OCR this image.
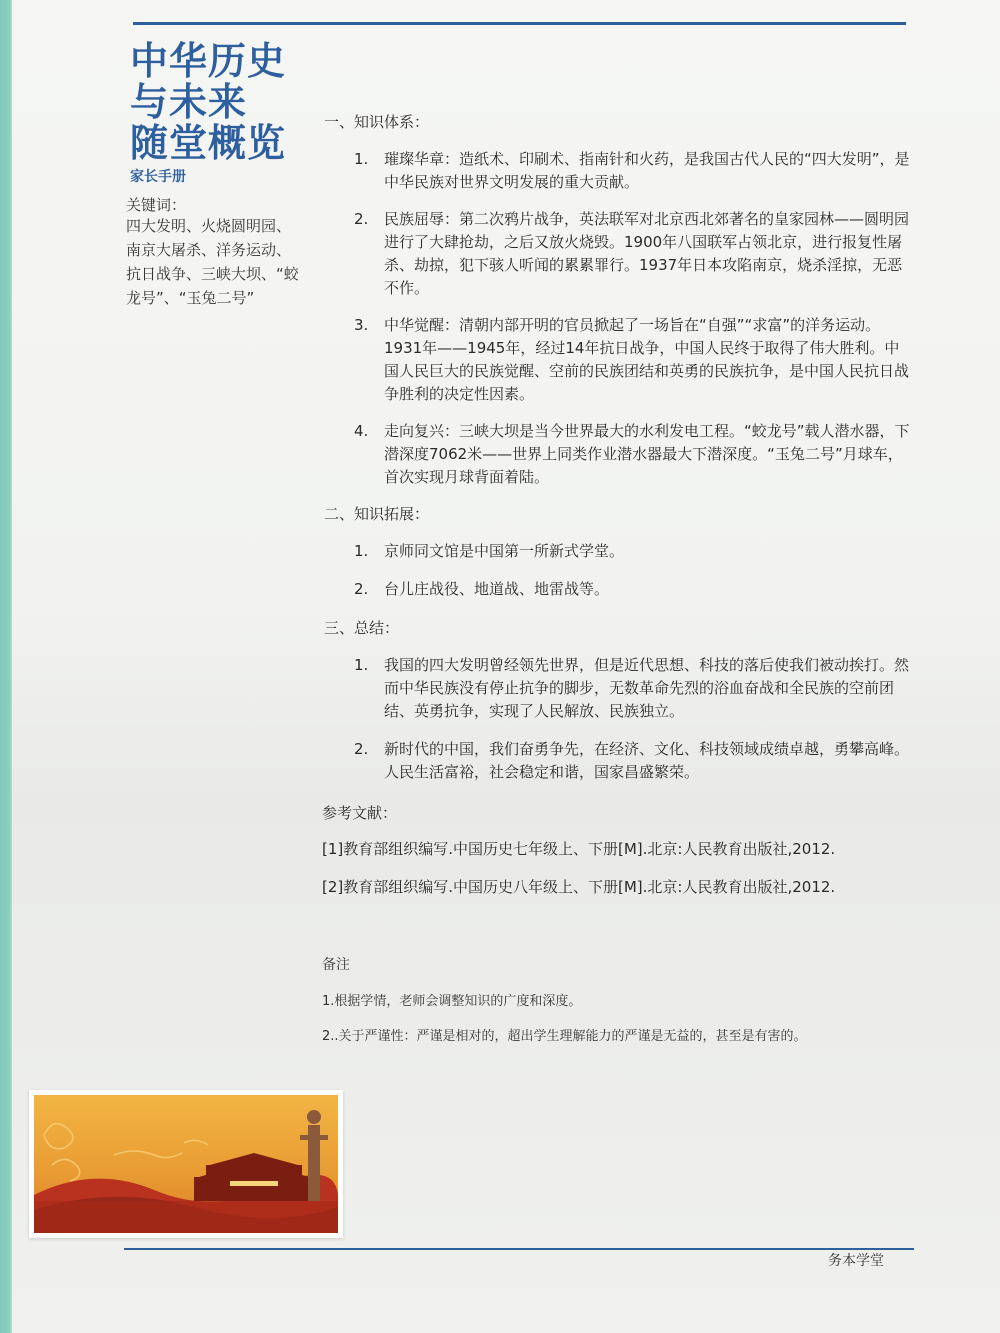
中华历史
与未来
随堂概览
家长手册
关键词：
四大发明、火烧圆明园、南京大屠杀、洋务运动、抗日战争、三峡大坝、“蛟龙号”、“玉兔二号”
一、知识体系：
1.	璀璨华章：造纸术、印刷术、指南针和火药，是我国古代人民的“四大发明”，是中华民族对世界文明发展的重大贡献。
2.	民族屈辱：第二次鸦片战争，英法联军对北京西北郊著名的皇家园林——圆明园进行了大肆抢劫，之后又放火烧毁。1900年八国联军占领北京，进行报复性屠杀、劫掠，犯下骇人听闻的累累罪行。1937年日本攻陷南京，烧杀淫掠，无恶不作。
3.	中华觉醒：清朝内部开明的官员掀起了一场旨在“自强”“求富”的洋务运动。1931年——1945年，经过14年抗日战争，中国人民终于取得了伟大胜利。中国人民巨大的民族觉醒、空前的民族团结和英勇的民族抗争，是中国人民抗日战争胜利的决定性因素。
4.	走向复兴：三峡大坝是当今世界最大的水利发电工程。“蛟龙号”载人潜水器，下潜深度7062米——世界上同类作业潜水器最大下潜深度。“玉兔二号”月球车，首次实现月球背面着陆。
二、知识拓展：
1.	京师同文馆是中国第一所新式学堂。
2.	台儿庄战役、地道战、地雷战等。
三、总结：
1.	我国的四大发明曾经领先世界，但是近代思想、科技的落后使我们被动挨打。然而中华民族没有停止抗争的脚步，无数革命先烈的浴血奋战和全民族的空前团结、英勇抗争，实现了人民解放、民族独立。
2.	新时代的中国，我们奋勇争先，在经济、文化、科技领域成绩卓越，勇攀高峰。人民生活富裕，社会稳定和谐，国家昌盛繁荣。
参考文献：
[1]教育部组织编写.中国历史七年级上、下册[M].北京:人民教育出版社,2012.
[2]教育部组织编写.中国历史八年级上、下册[M].北京:人民教育出版社,2012.
备注
1.根据学情，老师会调整知识的广度和深度。
2..关于严谨性：严谨是相对的，超出学生理解能力的严谨是无益的，甚至是有害的。
务本学堂
